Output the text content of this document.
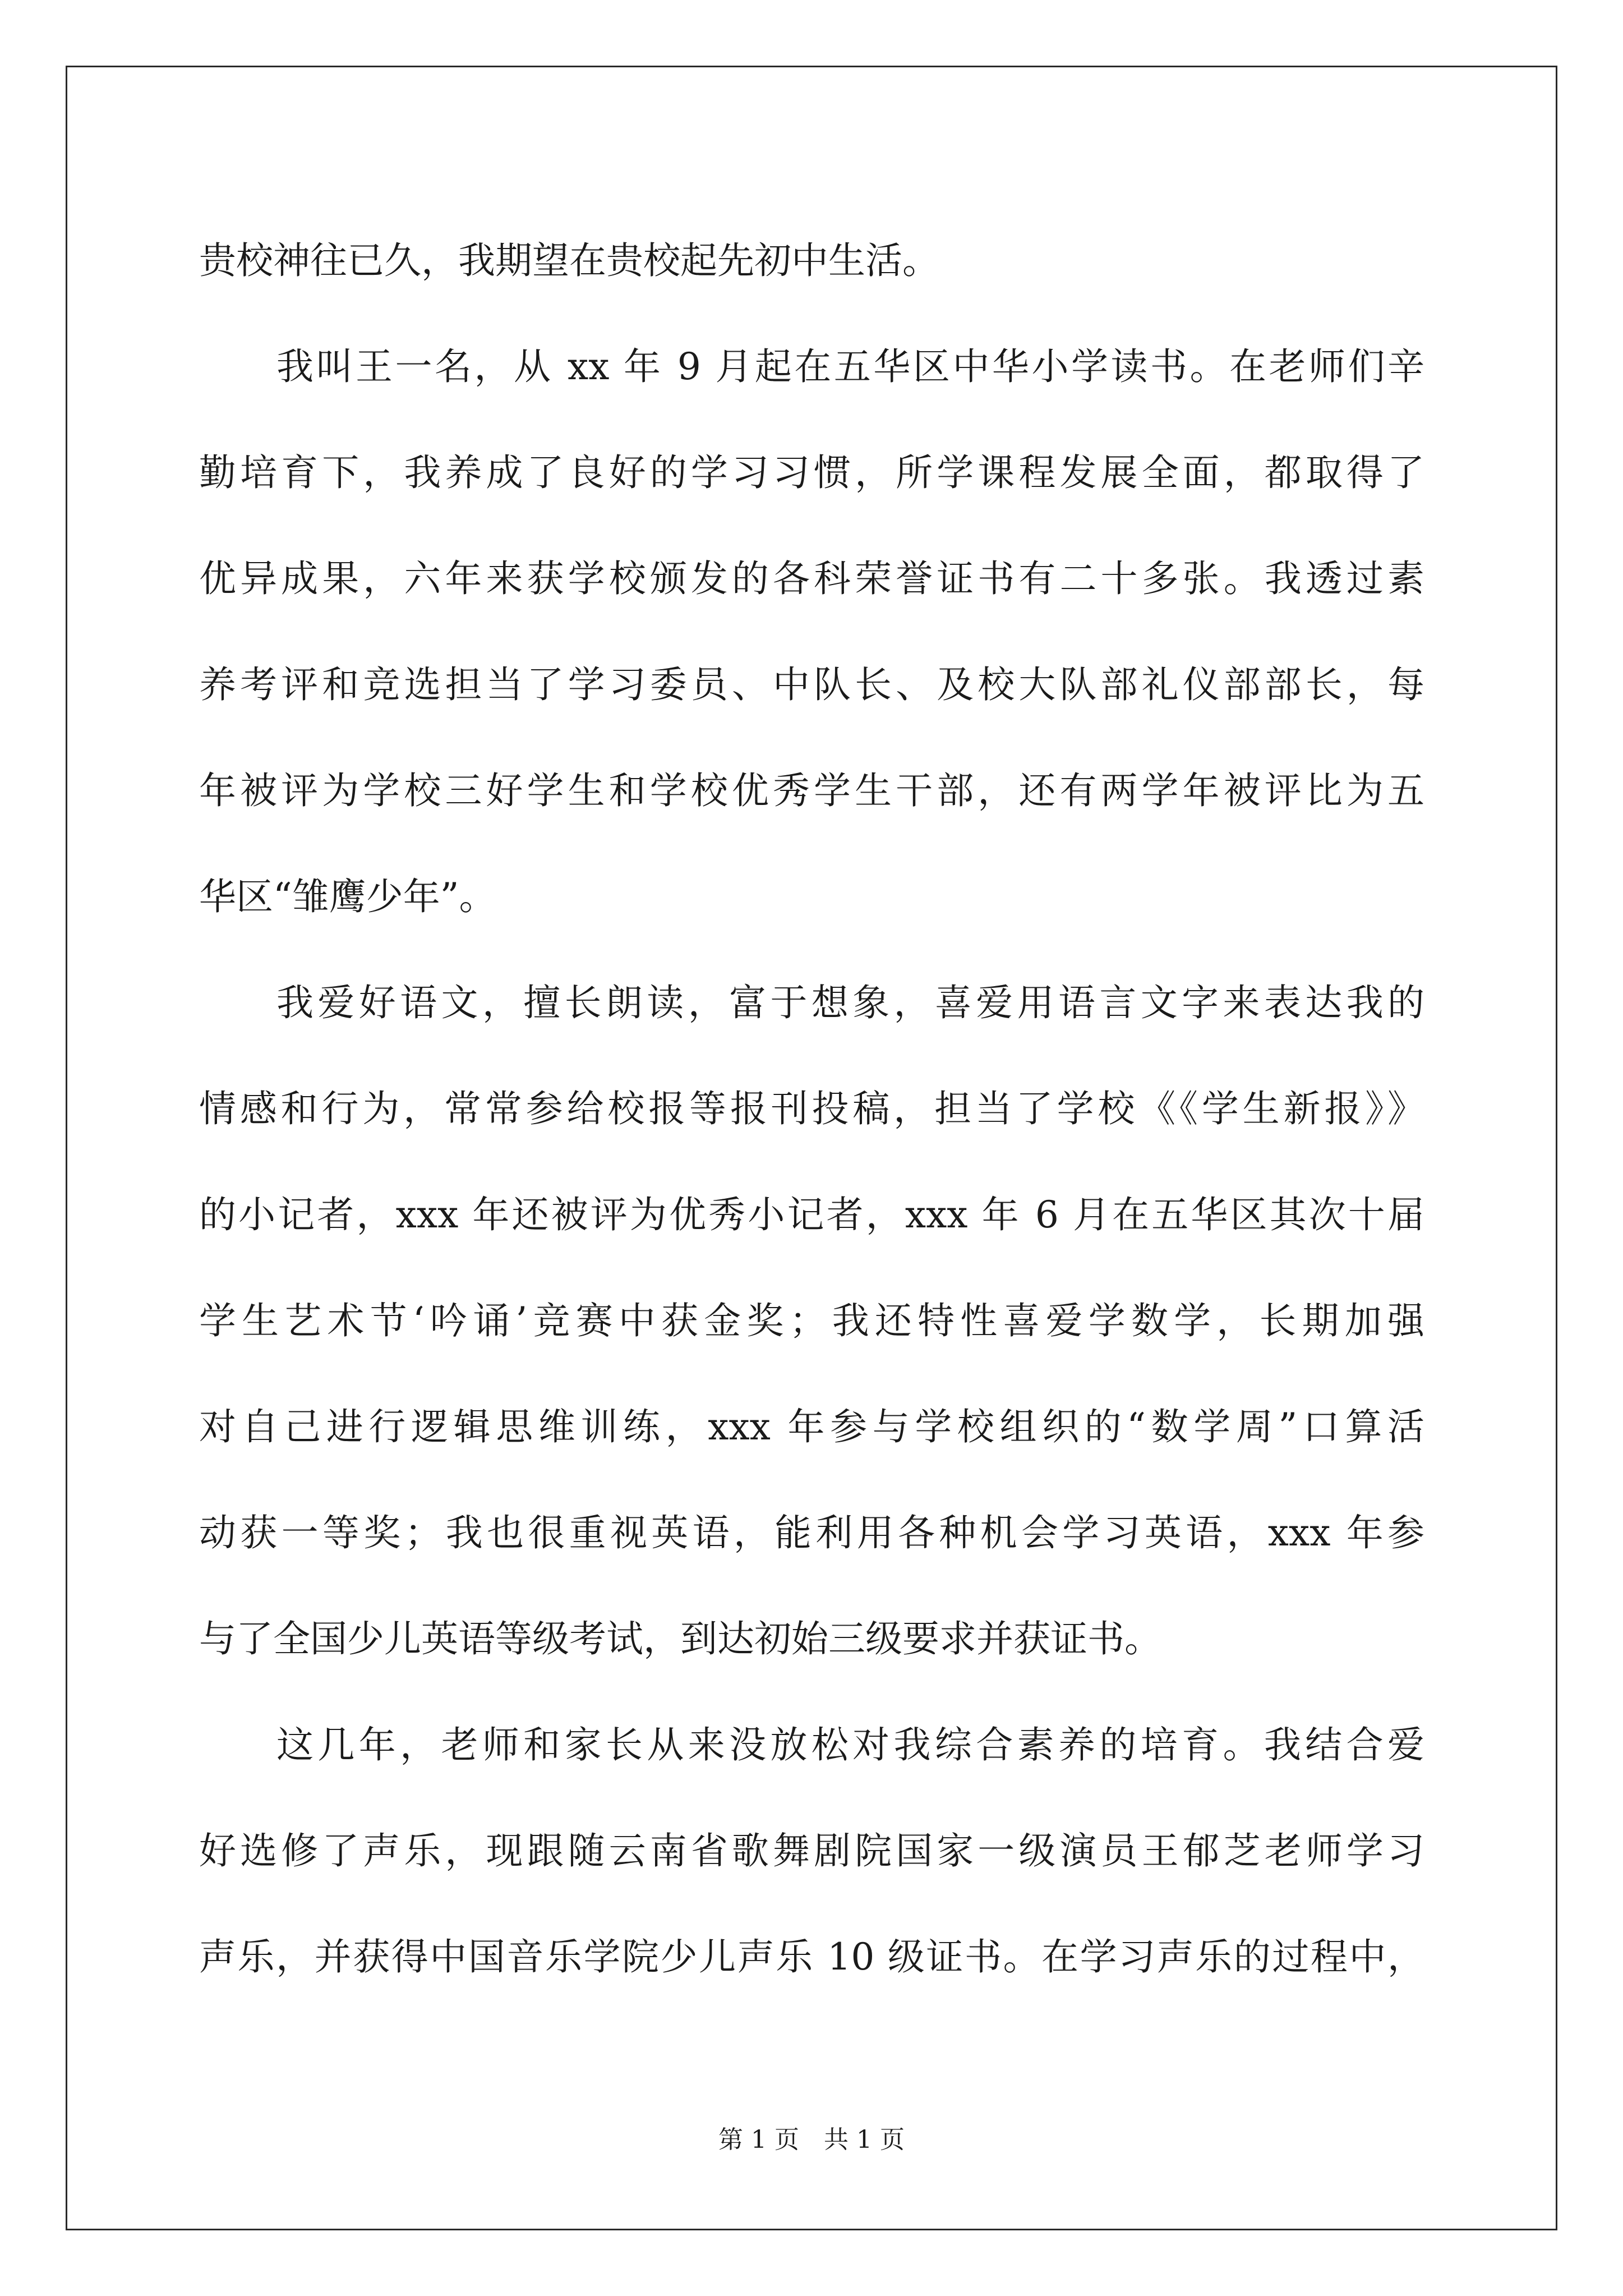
贵校神往已久，我期望在贵校起先初中生活。
我叫王一名，从 xx 年 9 月起在五华区中华小学读书。在老师们辛
勤培育下，我养成了良好的学习习惯，所学课程发展全面，都取得了
优异成果，六年来获学校颁发的各科荣誉证书有二十多张。我透过素
养考评和竞选担当了学习委员、中队长、及校大队部礼仪部部长，每
年被评为学校三好学生和学校优秀学生干部，还有两学年被评比为五
华区“雏鹰少年”。
我爱好语文，擅长朗读，富于想象，喜爱用语言文字来表达我的
情感和行为，常常参给校报等报刊投稿，担当了学校《《学生新报》》
的小记者，xxx 年还被评为优秀小记者，xxx 年 6 月在五华区其次十届
学生艺术节‘吟诵’竞赛中获金奖；我还特性喜爱学数学，长期加强
对自己进行逻辑思维训练，xxx 年参与学校组织的“数学周”口算活
动获一等奖；我也很重视英语，能利用各种机会学习英语，xxx 年参
与了全国少儿英语等级考试，到达初始三级要求并获证书。
这几年，老师和家长从来没放松对我综合素养的培育。我结合爱
好选修了声乐，现跟随云南省歌舞剧院国家一级演员王郁芝老师学习
声乐，并获得中国音乐学院少儿声乐 10 级证书。在学习声乐的过程中，
第 1 页　共 1 页
